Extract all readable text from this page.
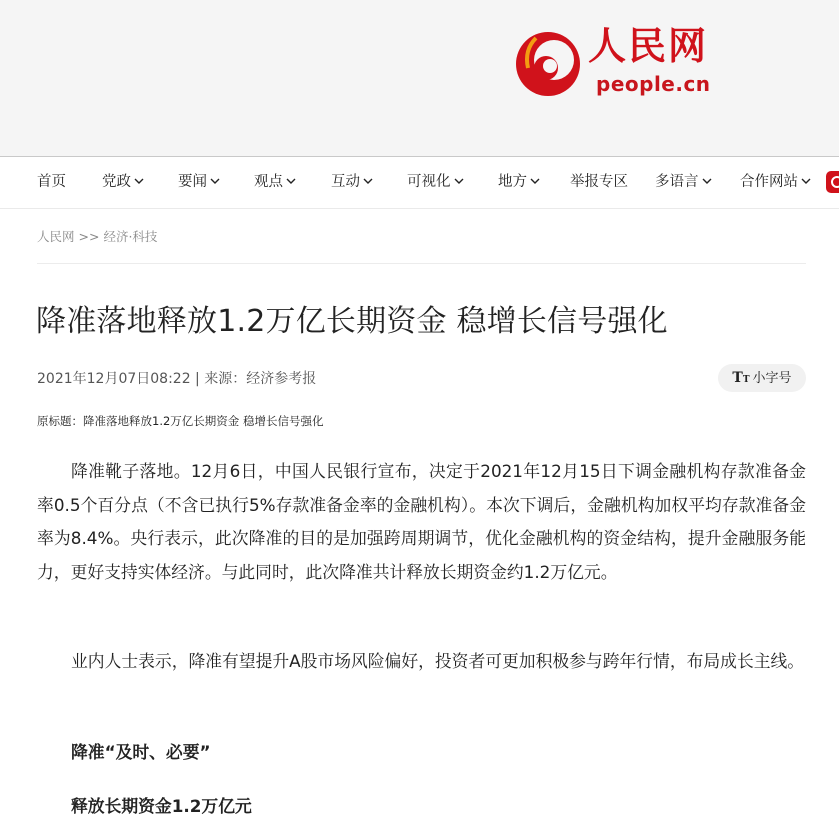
人民网
people.cn
首页 党政	要闻	观点	互动	可视化	地方	举报专区 多语言	合作网站
人民网 >> 经济·科技
降准落地释放1.2万亿长期资金 稳增长信号强化
2021年12月07日08:22 | 来源：经济参考报	TT 小字号
原标题：降准落地释放1.2万亿长期资金 稳增长信号强化

降准靴子落地。12月6日，中国人民银行宣布，决定于2021年12月15日下调金融机构存款准备金率0.5个百分点（不含已执行5%存款准备金率的金融机构）。本次下调后，金融机构加权平均存款准备金率为8.4%。央行表示，此次降准的目的是加强跨周期调节，优化金融机构的资金结构，提升金融服务能力，更好支持实体经济。与此同时，此次降准共计释放长期资金约1.2万亿元。

业内人士表示，降准有望提升A股市场风险偏好，投资者可更加积极参与跨年行情，布局成长主线。

降准“及时、必要”
释放长期资金1.2万亿元
